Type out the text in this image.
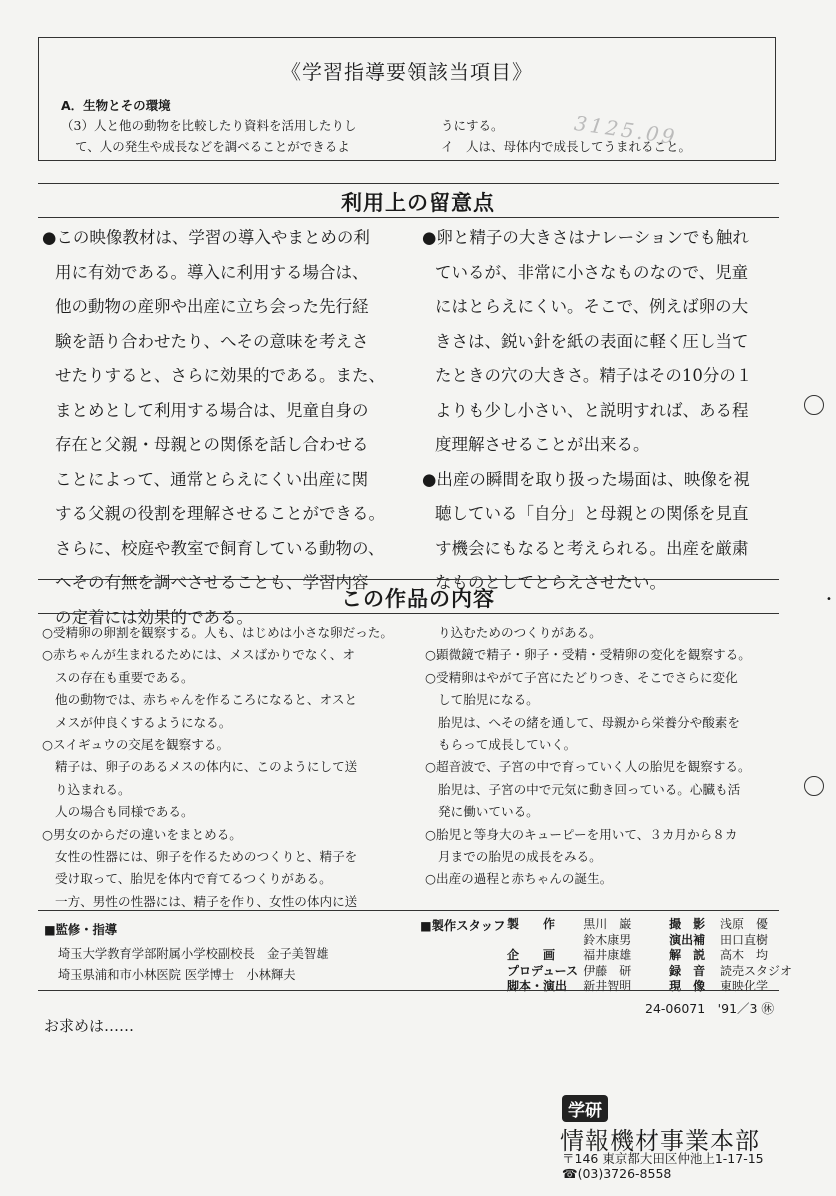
《学習指導要領該当項目》
A．生物とその環境
（3）人と他の動物を比較したり資料を活用したりし
て、人の発生や成長などを調べることができるよ
うにする。
イ　人は、母体内で成長してうまれること。
3125.09
利用上の留意点

●この映像教材は、学習の導入やまとめの利

用に有効である。導入に利用する場合は、

他の動物の産卵や出産に立ち会った先行経

験を語り合わせたり、へその意味を考えさ

せたりすると、さらに効果的である。また、

まとめとして利用する場合は、児童自身の

存在と父親・母親との関係を話し合わせる

ことによって、通常とらえにくい出産に関

する父親の役割を理解させることができる。

さらに、校庭や教室で飼育している動物の、

へその有無を調べさせることも、学習内容

の定着には効果的である。

●卵と精子の大きさはナレーションでも触れ

ているが、非常に小さなものなので、児童

にはとらえにくい。そこで、例えば卵の大

きさは、鋭い針を紙の表面に軽く圧し当て

たときの穴の大きさ。精子はその10分の１

よりも少し小さい、と説明すれば、ある程

度理解させることが出来る。

●出産の瞬間を取り扱った場面は、映像を視

聴している「自分」と母親との関係を見直

す機会にもなると考えられる。出産を厳粛

なものとしてとらえさせたい。

この作品の内容

○受精卵の卵割を観察する。人も、はじめは小さな卵だった。

○赤ちゃんが生まれるためには、メスばかりでなく、オ

スの存在も重要である。

他の動物では、赤ちゃんを作るころになると、オスと

メスが仲良くするようになる。

○スイギュウの交尾を観察する。

精子は、卵子のあるメスの体内に、このようにして送

り込まれる。

人の場合も同様である。

○男女のからだの違いをまとめる。

女性の性器には、卵子を作るためのつくりと、精子を

受け取って、胎児を体内で育てるつくりがある。

一方、男性の性器には、精子を作り、女性の体内に送

り込むためのつくりがある。

○顕微鏡で精子・卵子・受精・受精卵の変化を観察する。

○受精卵はやがて子宮にたどりつき、そこでさらに変化

して胎児になる。

胎児は、へその緒を通して、母親から栄養分や酸素を

もらって成長していく。

○超音波で、子宮の中で育っていく人の胎児を観察する。

胎児は、子宮の中で元気に動き回っている。心臓も活

発に働いている。

○胎児と等身大のキューピーを用いて、３カ月から８カ

月までの胎児の成長をみる。

○出産の過程と赤ちゃんの誕生。

■監修・指導
埼玉大学教育学部附属小学校副校長　金子美智雄
埼玉県浦和市小林医院 医学博士　小林輝夫
■製作スタッフ 製　　作	黒川　巌	撮　影	浅原　優
	鈴木康男	演出補	田口直樹
企　　画	福井康雄	解　説	高木　均
プロデュース	伊藤　研	録　音	読売スタジオ
脚本・演出	新井智明	現　像	東映化学
24-06071　'91／3 ㊡
お求めは……
学研
情報機材事業本部
〒146 東京都大田区仲池上1-17-15
☎(03)3726-8558
•
